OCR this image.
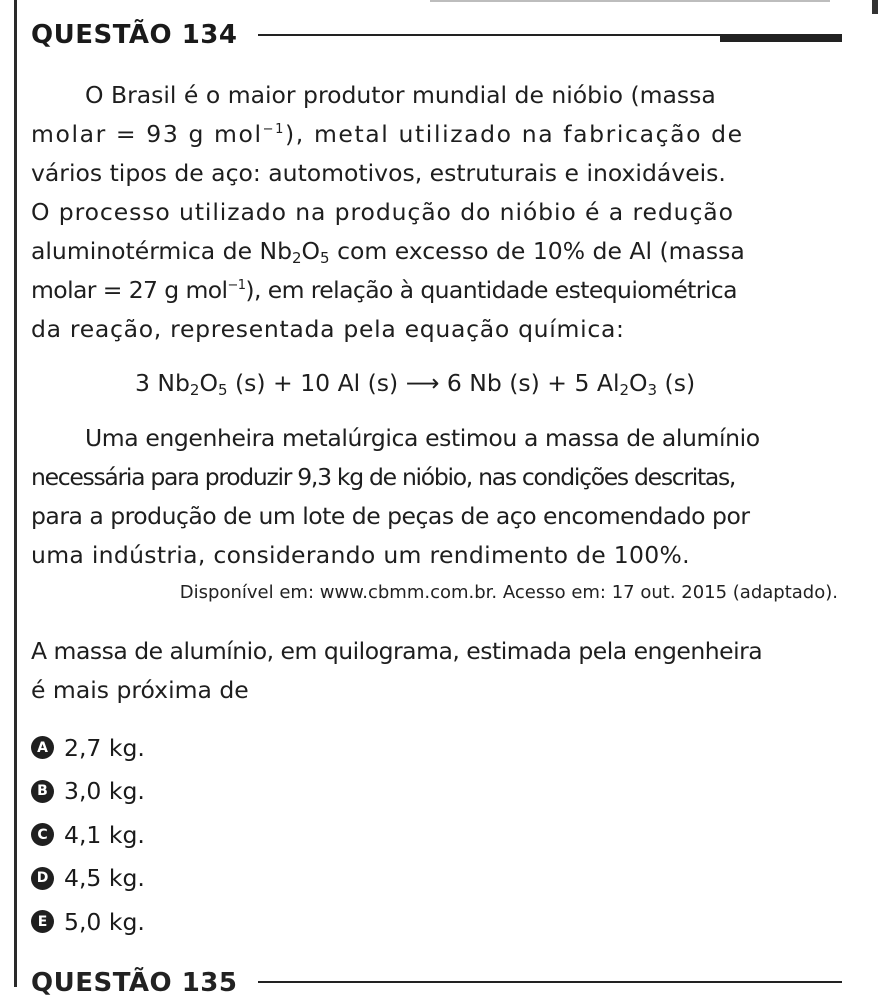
QUESTÃO 134
O Brasil é o maior produtor mundial de nióbio (massa
molar = 93 g mol$^{-1}$), metal utilizado na fabricação de
vários tipos de aço: automotivos, estruturais e inoxidáveis.
O processo utilizado na produção do nióbio é a redução
aluminotérmica de $Nb_2O_5$ com excesso de 10% de Al (massa
molar = 27 g mol$^{-1}$), em relação à quantidade estequiométrica
da reação, representada pela equação química:
3 $Nb_2O_5$ (s) + 10 Al (s) ⟶ 6 Nb (s) + 5 $Al_2O_3$ (s)
Uma engenheira metalúrgica estimou a massa de alumínio
necessária para produzir 9,3 kg de nióbio, nas condições descritas,
para a produção de um lote de peças de aço encomendado por
uma indústria, considerando um rendimento de 100%.
Disponível em: www.cbmm.com.br. Acesso em: 17 out. 2015 (adaptado).
A massa de alumínio, em quilograma, estimada pela engenheira
é mais próxima de
A 2,7 kg.
B 3,0 kg.
C 4,1 kg.
D 4,5 kg.
E 5,0 kg.
QUESTÃO 135
